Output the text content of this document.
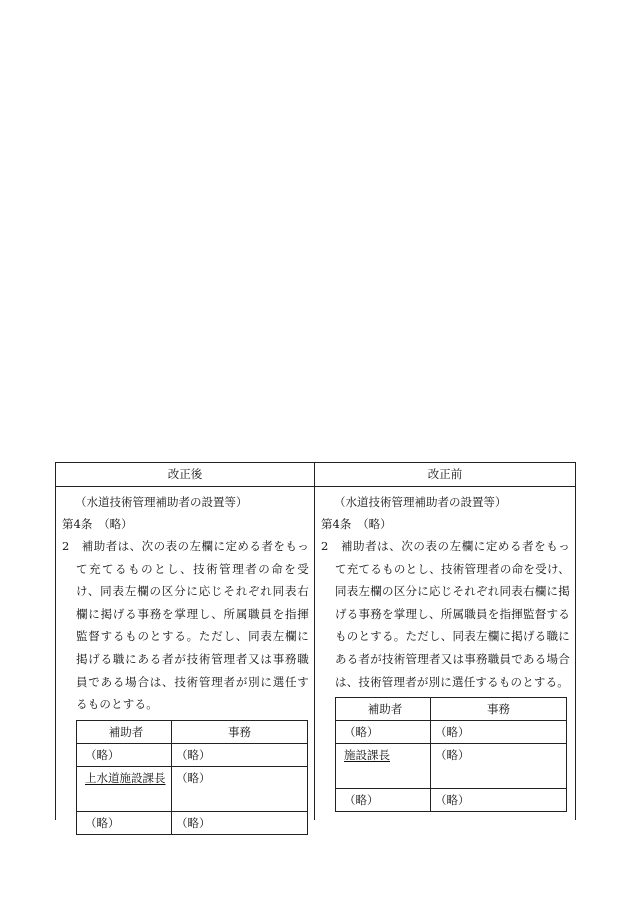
改正後
（水道技術管理補助者の設置等）
第4条　（略）
2　補助者は、次の表の左欄に定める者をもって充てるものとし、技術管理者の命を受け、同表左欄の区分に応じそれぞれ同表右欄に掲げる事務を掌理し、所属職員を指揮監督するものとする。ただし、同表左欄に掲げる職にある者が技術管理者又は事務職員である場合は、技術管理者が別に選任するものとする。
補助者	事務
（略）	（略）
上水道施設課長	（略）
（略）	（略）
改正前
（水道技術管理補助者の設置等）
第4条　（略）
2　補助者は、次の表の左欄に定める者をもって充てるものとし、技術管理者の命を受け、同表左欄の区分に応じそれぞれ同表右欄に掲げる事務を掌理し、所属職員を指揮監督するものとする。ただし、同表左欄に掲げる職にある者が技術管理者又は事務職員である場合は、技術管理者が別に選任するものとする。
補助者	事務
（略）	（略）
施設課長	（略）
（略）	（略）
